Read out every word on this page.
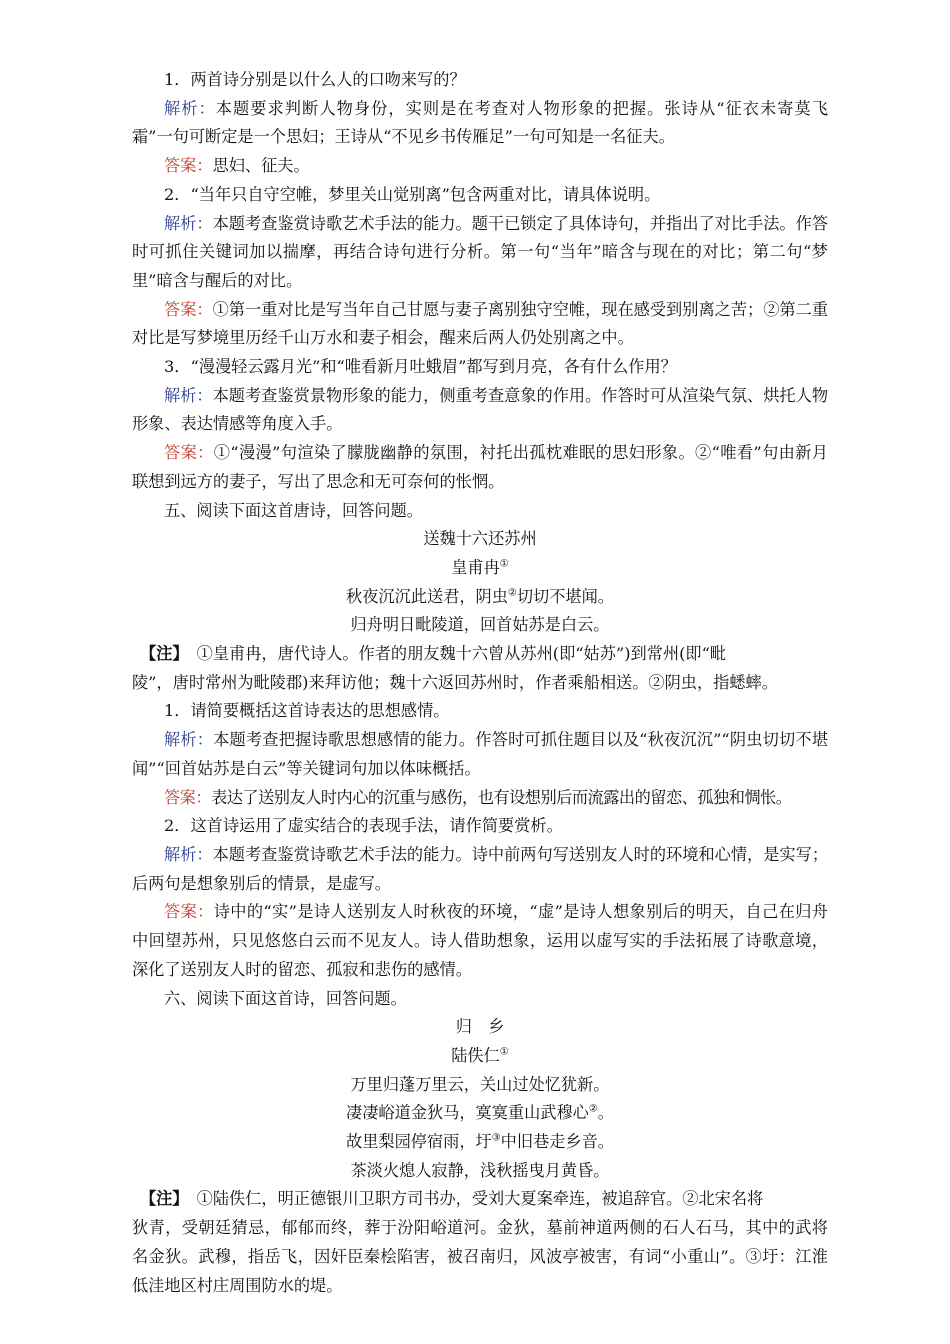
1．两首诗分别是以什么人的口吻来写的？

解析：本题要求判断人物身份，实则是在考查对人物形象的把握。张诗从“征衣未寄莫飞霜”一句可断定是一个思妇；王诗从“不见乡书传雁足”一句可知是一名征夫。

答案：思妇、征夫。

2．“当年只自守空帷，梦里关山觉别离”包含两重对比，请具体说明。

解析：本题考查鉴赏诗歌艺术手法的能力。题干已锁定了具体诗句，并指出了对比手法。作答时可抓住关键词加以揣摩，再结合诗句进行分析。第一句“当年”暗含与现在的对比；第二句“梦里”暗含与醒后的对比。

答案：①第一重对比是写当年自己甘愿与妻子离别独守空帷，现在感受到别离之苦；②第二重对比是写梦境里历经千山万水和妻子相会，醒来后两人仍处别离之中。

3．“漫漫轻云露月光”和“唯看新月吐蛾眉”都写到月亮，各有什么作用？

解析：本题考查鉴赏景物形象的能力，侧重考查意象的作用。作答时可从渲染气氛、烘托人物形象、表达情感等角度入手。

答案：①“漫漫”句渲染了朦胧幽静的氛围，衬托出孤枕难眠的思妇形象。②“唯看”句由新月联想到远方的妻子，写出了思念和无可奈何的怅惘。

五、阅读下面这首唐诗，回答问题。

送魏十六还苏州

皇甫冉①

秋夜沉沉此送君，阴虫②切切不堪闻。

归舟明日毗陵道，回首姑苏是白云。

【注】　①皇甫冉，唐代诗人。作者的朋友魏十六曾从苏州(即“姑苏”)到常州(即“毗

陵”，唐时常州为毗陵郡)来拜访他；魏十六返回苏州时，作者乘船相送。②阴虫，指蟋蟀。

1．请简要概括这首诗表达的思想感情。

解析：本题考查把握诗歌思想感情的能力。作答时可抓住题目以及“秋夜沉沉”“阴虫切切不堪闻”“回首姑苏是白云”等关键词句加以体味概括。

答案：表达了送别友人时内心的沉重与感伤，也有设想别后而流露出的留恋、孤独和惆怅。

2．这首诗运用了虚实结合的表现手法，请作简要赏析。

解析：本题考查鉴赏诗歌艺术手法的能力。诗中前两句写送别友人时的环境和心情，是实写；后两句是想象别后的情景，是虚写。

答案：诗中的“实”是诗人送别友人时秋夜的环境，“虚”是诗人想象别后的明天，自己在归舟中回望苏州，只见悠悠白云而不见友人。诗人借助想象，运用以虚写实的手法拓展了诗歌意境，深化了送别友人时的留恋、孤寂和悲伤的感情。

六、阅读下面这首诗，回答问题。

归　乡

陆佚仁①

万里归蓬万里云，关山过处忆犹新。

凄凄峪道金狄马，寞寞重山武穆心②。

故里梨园停宿雨，圩③中旧巷走乡音。

茶淡火熄人寂静，浅秋摇曳月黄昏。

【注】　①陆佚仁，明正德银川卫职方司书办，受刘大夏案牵连，被追辞官。②北宋名将

狄青，受朝廷猜忌，郁郁而终，葬于汾阳峪道河。金狄，墓前神道两侧的石人石马，其中的武将名金狄。武穆，指岳飞，因奸臣秦桧陷害，被召南归，风波亭被害，有词“小重山”。③圩：江淮低洼地区村庄周围防水的堤。
